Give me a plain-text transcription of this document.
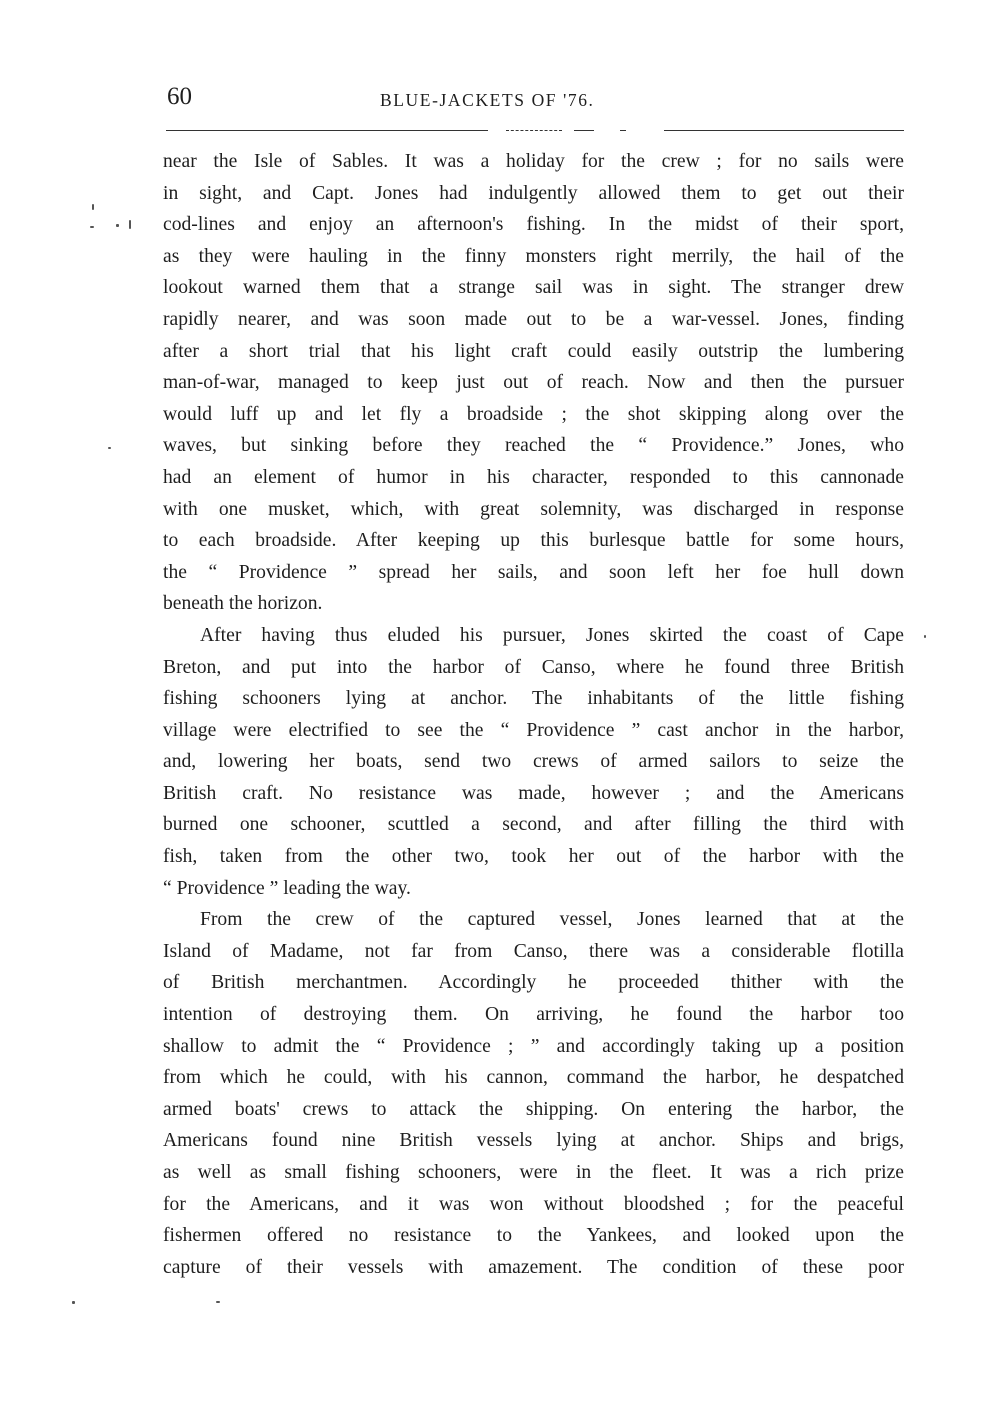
60	BLUE-JACKETS OF '76.
near the Isle of Sables. It was a holiday for the crew ; for no sails were
in sight, and Capt. Jones had indulgently allowed them to get out their
cod-lines and enjoy an afternoon's fishing. In the midst of their sport,
as they were hauling in the finny monsters right merrily, the hail of the
lookout warned them that a strange sail was in sight. The stranger drew
rapidly nearer, and was soon made out to be a war-vessel. Jones, finding
after a short trial that his light craft could easily outstrip the lumbering
man-of-war, managed to keep just out of reach. Now and then the pursuer
would luff up and let fly a broadside ; the shot skipping along over the
waves, but sinking before they reached the “ Providence.” Jones, who
had an element of humor in his character, responded to this cannonade
with one musket, which, with great solemnity, was discharged in response
to each broadside. After keeping up this burlesque battle for some hours,
the “ Providence ” spread her sails, and soon left her foe hull down
beneath the horizon.
After having thus eluded his pursuer, Jones skirted the coast of Cape
Breton, and put into the harbor of Canso, where he found three British
fishing schooners lying at anchor. The inhabitants of the little fishing
village were electrified to see the “ Providence ” cast anchor in the harbor,
and, lowering her boats, send two crews of armed sailors to seize the
British craft. No resistance was made, however ; and the Americans
burned one schooner, scuttled a second, and after filling the third with
fish, taken from the other two, took her out of the harbor with the
“ Providence ” leading the way.
From the crew of the captured vessel, Jones learned that at the
Island of Madame, not far from Canso, there was a considerable flotilla
of British merchantmen. Accordingly he proceeded thither with the
intention of destroying them. On arriving, he found the harbor too
shallow to admit the “ Providence ; ” and accordingly taking up a position
from which he could, with his cannon, command the harbor, he despatched
armed boats' crews to attack the shipping. On entering the harbor, the
Americans found nine British vessels lying at anchor. Ships and brigs,
as well as small fishing schooners, were in the fleet. It was a rich prize
for the Americans, and it was won without bloodshed ; for the peaceful
fishermen offered no resistance to the Yankees, and looked upon the
capture of their vessels with amazement. The condition of these poor
